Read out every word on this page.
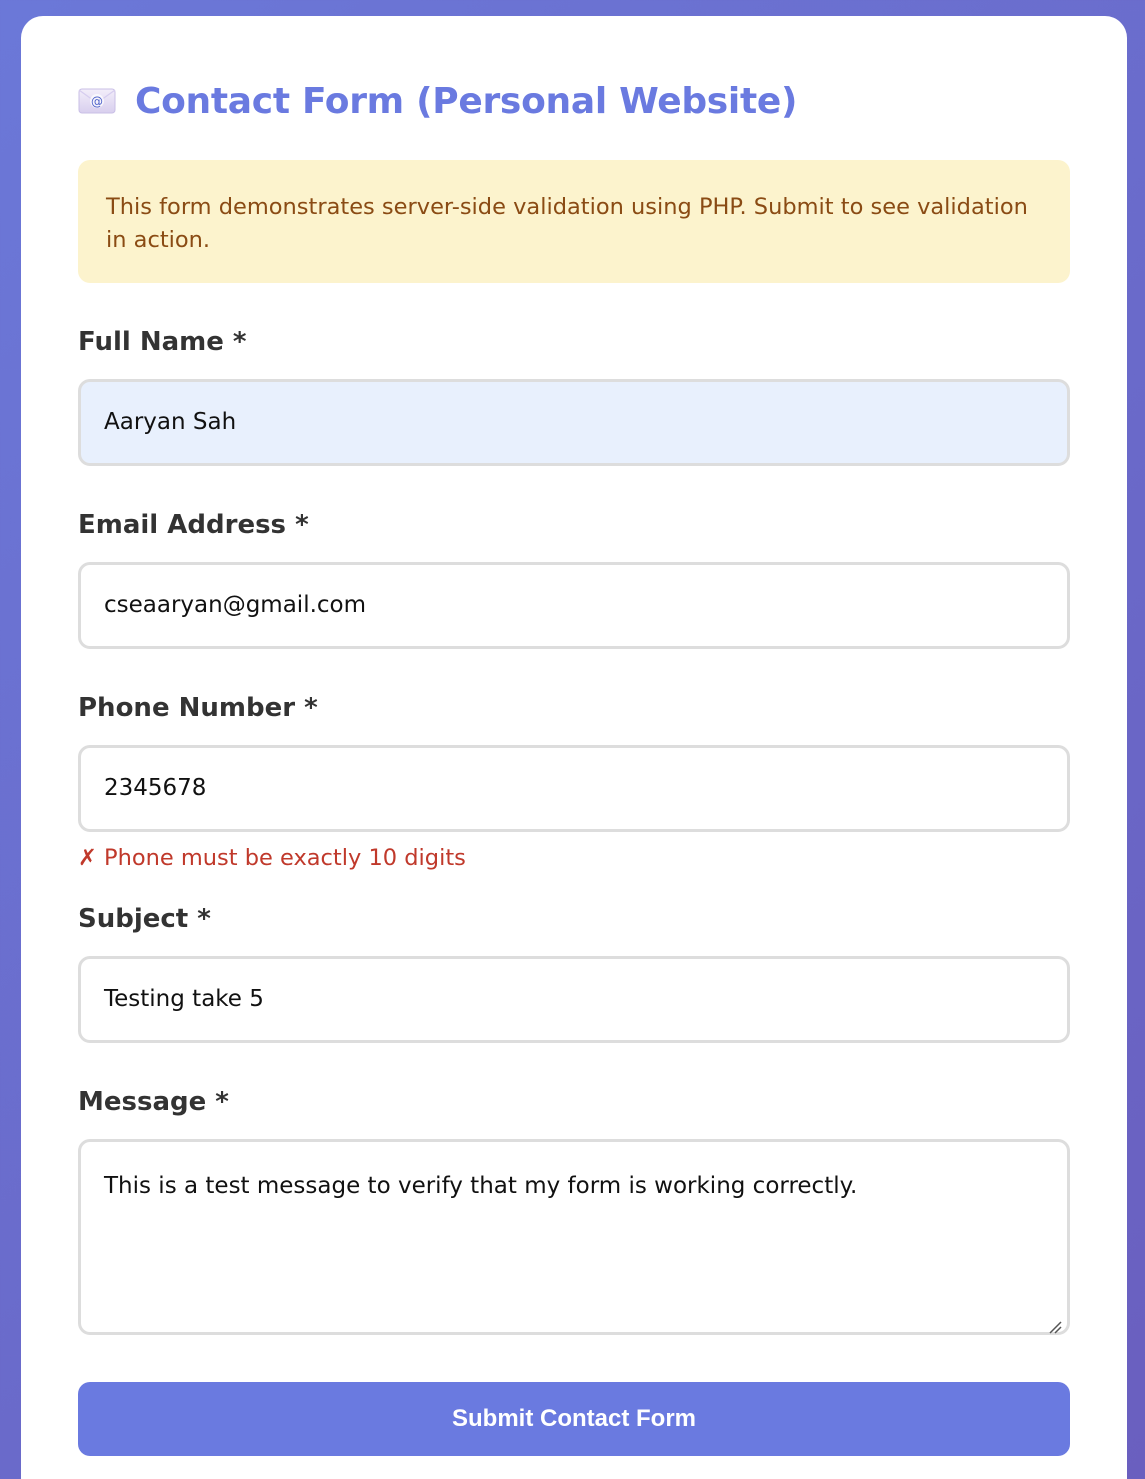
@ Contact Form (Personal Website)
This form demonstrates server-side validation using PHP. Submit to see validation in action.
Full Name *
Aaryan Sah
Email Address *
cseaaryan@gmail.com
Phone Number *
2345678
✗ Phone must be exactly 10 digits
Subject *
Testing take 5
Message *
This is a test message to verify that my form is working correctly.
Submit Contact Form
